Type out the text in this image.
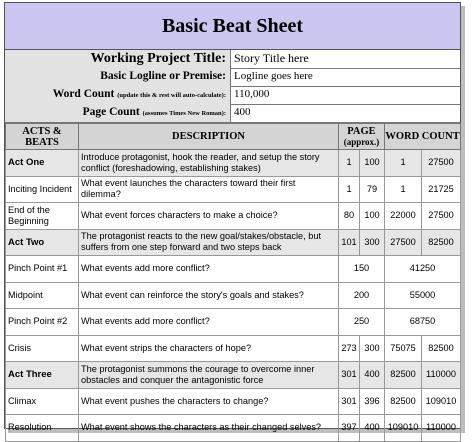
Basic Beat Sheet
Working Project Title: Story Title here
Basic Logline or Premise: Logline goes here
Word Count (update this & rest will auto-calculate): 110,000
Page Count (assumes Times New Roman): 400
ACTS &
BEATS	DESCRIPTION	PAGE
(approx.)		WORD COUNT	
Act One	Introduce protagonist, hook the reader, and setup the story conflict (foreshadowing, establishing stakes)	1	100	1	27500
Inciting Incident	What event launches the characters toward their first dilemma?	1	79	1	21725
End of the Beginning	What event forces characters to make a choice?	80	100	22000	27500
Act Two	The protagonist reacts to the new goal/stakes/obstacle, but suffers from one step forward and two steps back	101	300	27500	82500
Pinch Point #1	What events add more conflict?	150		41250	
Midpoint	What event can reinforce the story's goals and stakes?	200		55000	
Pinch Point #2	What events add more conflict?	250		68750	
Crisis	What event strips the characters of hope?	273	300	75075	82500
Act Three	The protagonist summons the courage to overcome inner obstacles and conquer the antagonistic force	301	400	82500	110000
Climax	What event pushes the characters to change?	301	396	82500	109010
Resolution	What event shows the characters as their changed selves?	397	400	109010	110000
